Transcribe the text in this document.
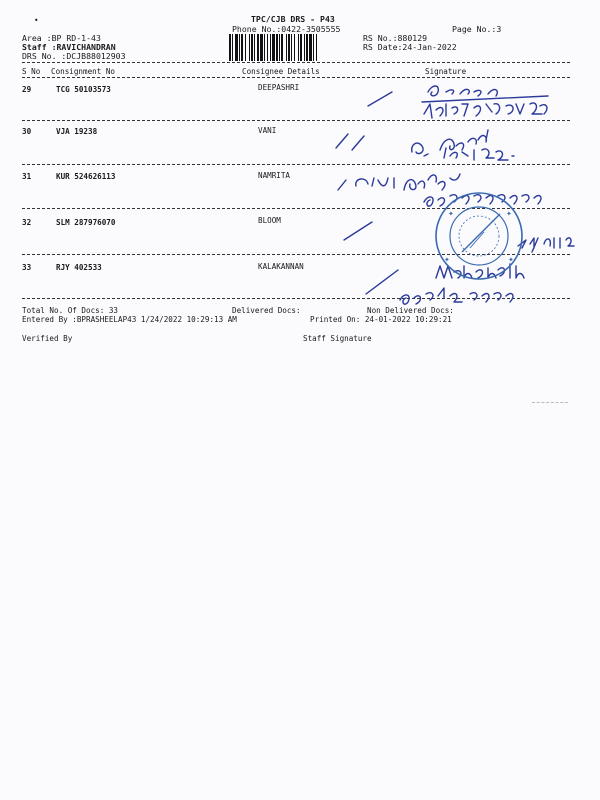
•	TPC/CJB DRS - P43
Phone No.:0422-3505555	Page No.:3
Area :BP RD-1-43
Staff :RAVICHANDRAN
DRS No. :DCJB88012903
RS No.:880129
RS Date:24-Jan-2022
S No Consignment No	Consignee Details	Signature
29	TCG 50103573	DEEPASHRI
30	VJA 19238	VANI
31	KUR 524626113	NAMRITA
32	SLM 287976070	BLOOM
33	RJY 402533	KALAKANNAN
Total No. Of Docs: 33	Delivered Docs:	Non Delivered Docs:
Entered By :BPRASHEELAP43 1/24/2022 10:29:13 AM	Printed On: 24-01-2022 10:29:21
Verified By	Staff Signature
✦	✦
✦	✦
